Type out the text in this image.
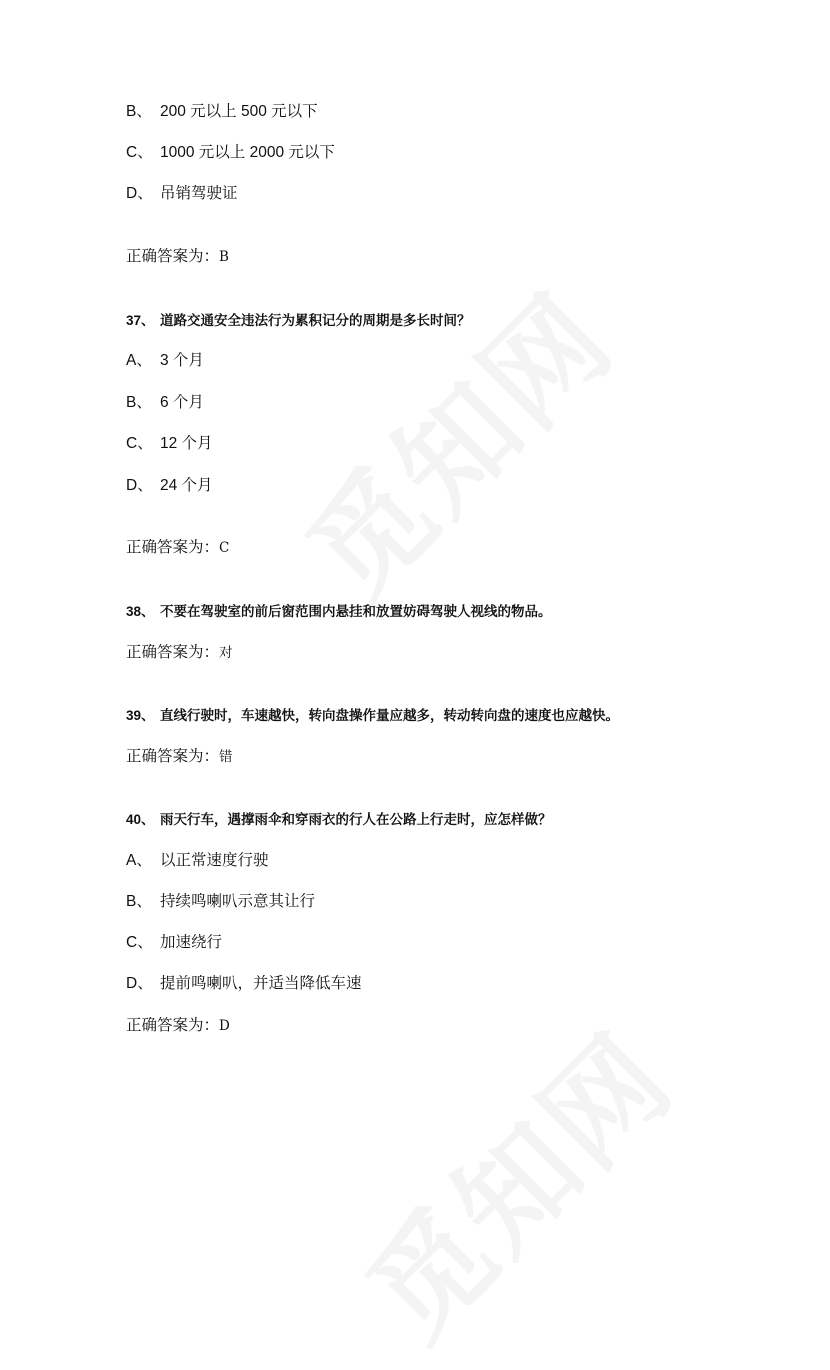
B、 200 元以上 500 元以下
C、 1000 元以上 2000 元以下
D、 吊销驾驶证
正确答案为：B
37、 道路交通安全违法行为累积记分的周期是多长时间？
A、 3 个月
B、 6 个月
C、 12 个月
D、 24 个月
正确答案为：C
38、 不要在驾驶室的前后窗范围内悬挂和放置妨碍驾驶人视线的物品。
正确答案为：对
39、 直线行驶时，车速越快，转向盘操作量应越多，转动转向盘的速度也应越快。
正确答案为：错
40、 雨天行车，遇撑雨伞和穿雨衣的行人在公路上行走时，应怎样做？
A、 以正常速度行驶
B、 持续鸣喇叭示意其让行
C、 加速绕行
D、 提前鸣喇叭，并适当降低车速
正确答案为：D
